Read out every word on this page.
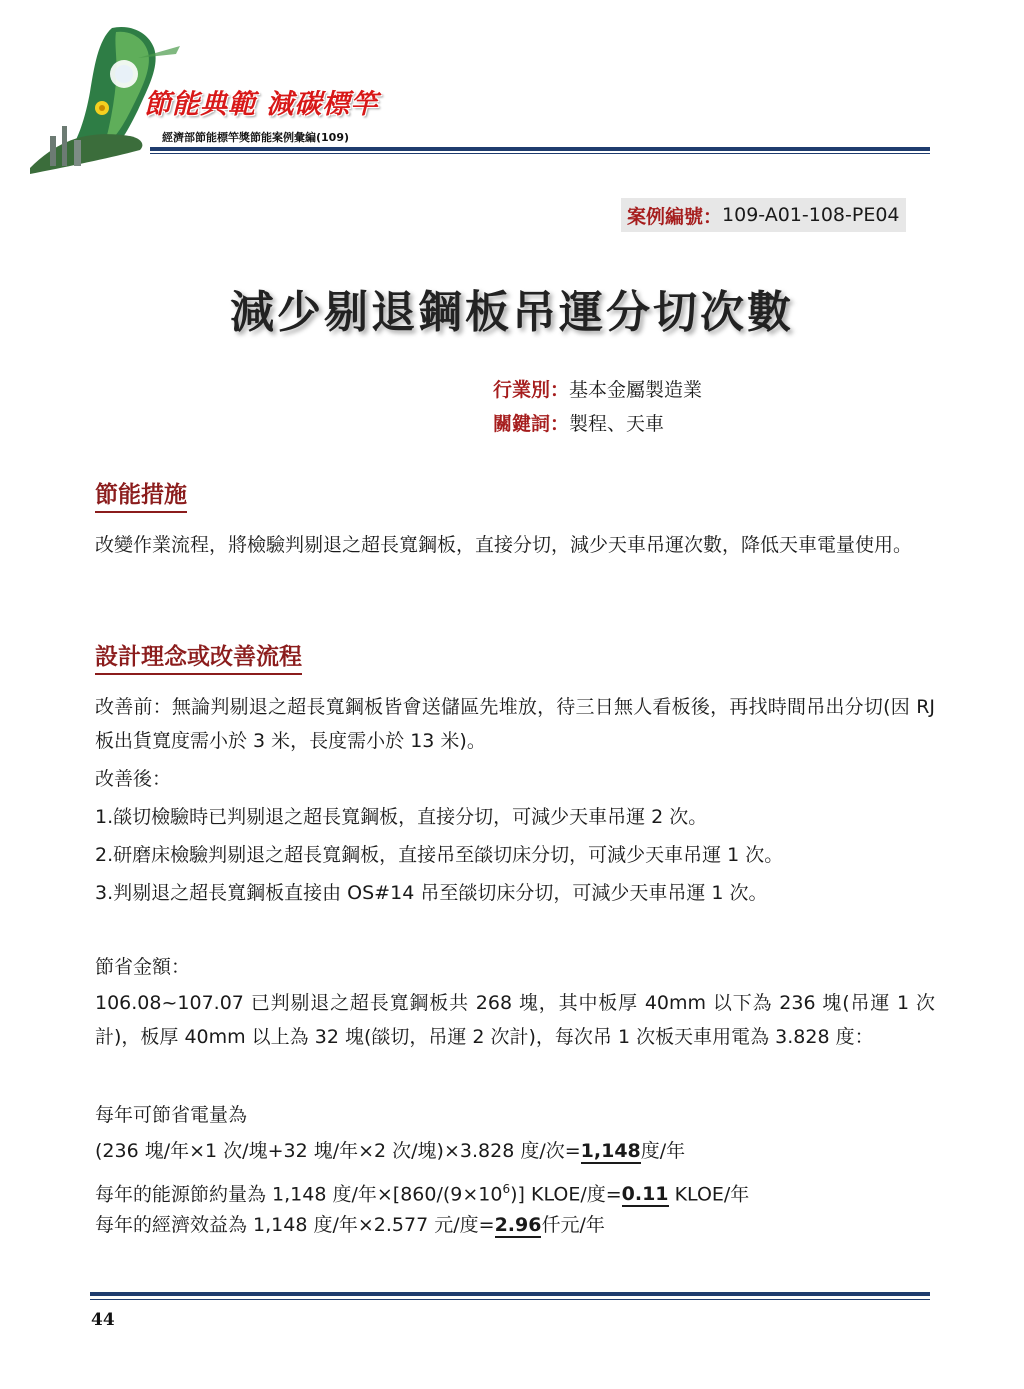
節能典範 減碳標竿
經濟部節能標竿獎節能案例彙編(109)
案例編號： 109-A01-108-PE04
減少剔退鋼板吊運分切次數
行業別：基本金屬製造業
關鍵詞：製程、天車
節能措施
改變作業流程，將檢驗判剔退之超長寬鋼板，直接分切，減少天車吊運次數，降低天車電量使用。
設計理念或改善流程
改善前：無論判剔退之超長寬鋼板皆會送儲區先堆放，待三日無人看板後，再找時間吊出分切(因 RJ 板出貨寬度需小於 3 米，長度需小於 13 米)。
改善後：
1.燄切檢驗時已判剔退之超長寬鋼板，直接分切，可減少天車吊運 2 次。
2.研磨床檢驗判剔退之超長寬鋼板，直接吊至燄切床分切，可減少天車吊運 1 次。
3.判剔退之超長寬鋼板直接由 OS#14 吊至燄切床分切，可減少天車吊運 1 次。
節省金額：
106.08~107.07 已判剔退之超長寬鋼板共 268 塊，其中板厚 40mm 以下為 236 塊(吊運 1 次計)，板厚 40mm 以上為 32 塊(燄切，吊運 2 次計)，每次吊 1 次板天車用電為 3.828 度：
每年可節省電量為
(236 塊/年×1 次/塊+32 塊/年×2 次/塊)×3.828 度/次=1,148度/年
每年的能源節約量為 1,148 度/年$\times[860/(9\times 10^6)]$ KLOE/度=0.11 KLOE/年
每年的經濟效益為 1,148 度/年×2.577 元/度=2.96仟元/年
44
